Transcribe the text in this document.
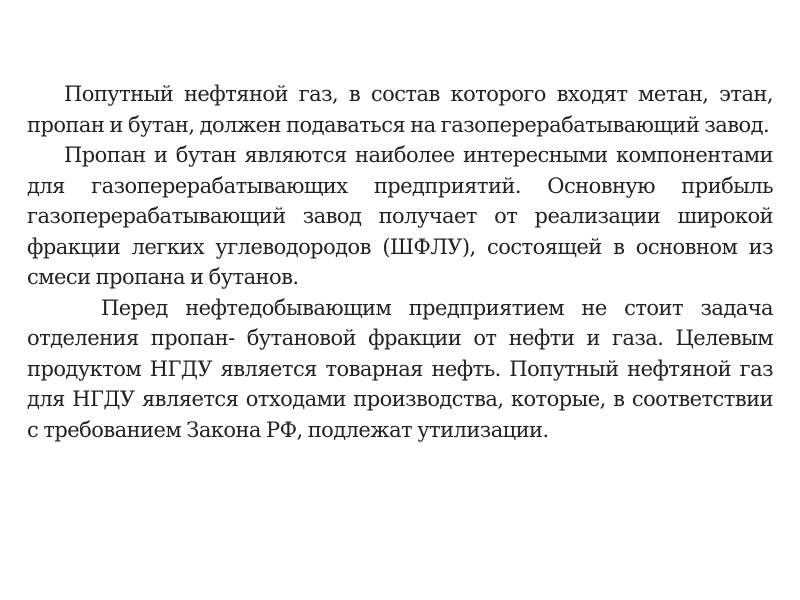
Попутный нефтяной газ, в состав которого входят метан, этан, пропан и бутан, должен подаваться на газоперерабатывающий завод.

Пропан и бутан являются наиболее интересными компонентами для газоперерабатывающих предприятий. Основную прибыль газоперерабатывающий завод получает от реализации широкой фракции легких углеводородов (ШФЛУ), состоящей в основном из смеси пропана и бутанов.

Перед нефтедобывающим предприятием не стоит задача отделения пропан- бутановой фракции от нефти и газа. Целевым продуктом НГДУ является товарная нефть. Попутный нефтяной газ для НГДУ является отходами производства, которые, в соответствии с требованием Закона РФ, подлежат утилизации.
